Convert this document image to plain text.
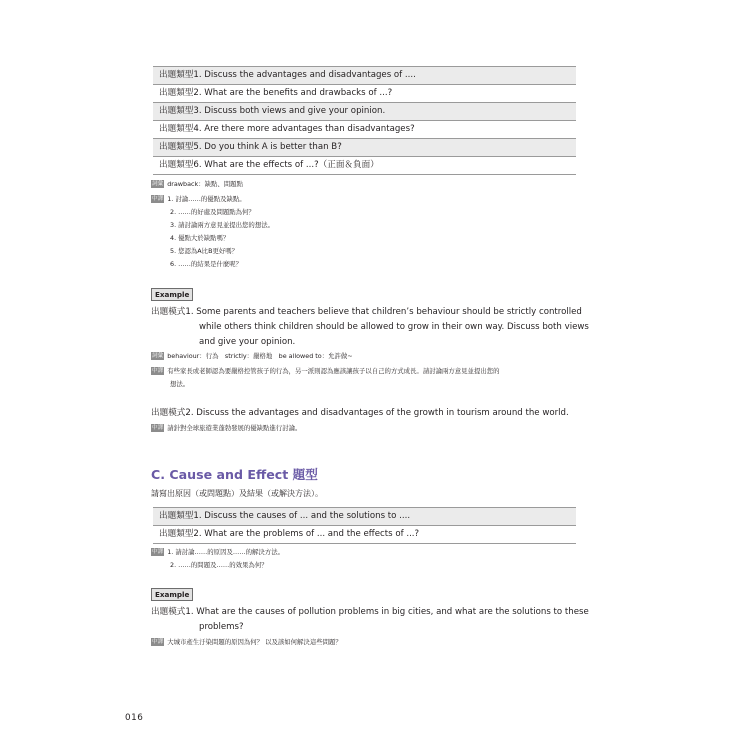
出題類型1. Discuss the advantages and disadvantages of ....
出題類型2. What are the benefits and drawbacks of ...?
出題類型3. Discuss both views and give your opinion.
出題類型4. Are there more advantages than disadvantages?
出題類型5. Do you think A is better than B?
出題類型6. What are the effects of ...?（正面＆負面）
詞彙 drawback：缺點、問題點
中譯 1. 討論……的優點及缺點。
2. ……的好處及問題點為何？
3. 請討論兩方意見並提出您的想法。
4. 優點大於缺點嗎？
5. 您認為A比B更好嗎？
6. ……的結果是什麼呢？
Example
出題模式1. Some parents and teachers believe that children’s behaviour should be strictly controlled
while others think children should be allowed to grow in their own way. Discuss both views
and give your opinion.
詞彙 behaviour：行為　strictly：嚴格地　be allowed to：允許做~
中譯 有些家長或老師認為要嚴格控管孩子的行為，另一派則認為應該讓孩子以自己的方式成長。請討論兩方意見並提出您的
想法。
出題模式2. Discuss the advantages and disadvantages of the growth in tourism around the world.
中譯 請針對全球旅遊業蓬勃發展的優缺點進行討論。
C. Cause and Effect 題型
請寫出原因（或問題點）及結果（或解決方法）。
出題類型1. Discuss the causes of ... and the solutions to ....
出題類型2. What are the problems of ... and the effects of ...?
中譯 1. 請討論……的原因及……的解決方法。
2. ……的問題及……的效果為何？
Example
出題模式1. What are the causes of pollution problems in big cities, and what are the solutions to these
problems?
中譯 大城市產生汙染問題的原因為何？ 以及該如何解決這些問題？
016
